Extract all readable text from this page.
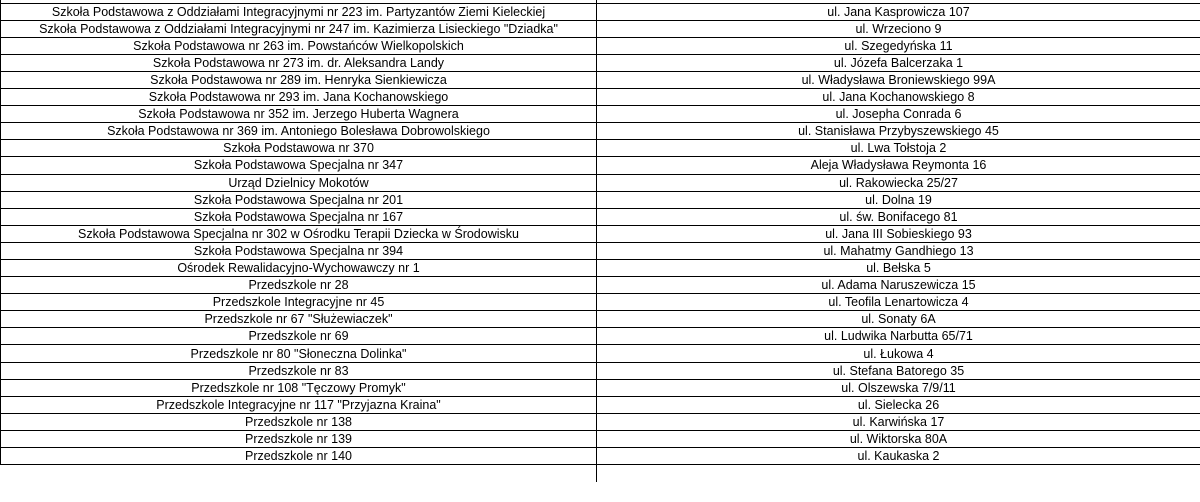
Szkoła Podstawowa z Oddziałami Integracyjnymi nr 223 im. Partyzantów Ziemi Kieleckiej	ul. Jana Kasprowicza 107
Szkoła Podstawowa z Oddziałami Integracyjnymi nr 247 im. Kazimierza Lisieckiego "Dziadka"	ul. Wrzeciono 9
Szkoła Podstawowa nr 263 im. Powstańców Wielkopolskich	ul. Szegedyńska 11
Szkoła Podstawowa nr 273 im. dr. Aleksandra Landy	ul. Józefa Balcerzaka 1
Szkoła Podstawowa nr 289 im. Henryka Sienkiewicza	ul. Władysława Broniewskiego 99A
Szkoła Podstawowa nr 293 im. Jana Kochanowskiego	ul. Jana Kochanowskiego 8
Szkoła Podstawowa nr 352 im. Jerzego Huberta Wagnera	ul. Josepha Conrada 6
Szkoła Podstawowa nr 369 im. Antoniego Bolesława Dobrowolskiego	ul. Stanisława Przybyszewskiego 45
Szkoła Podstawowa nr 370	ul. Lwa Tołstoja 2
Szkoła Podstawowa Specjalna nr 347	Aleja Władysława Reymonta 16
Urząd Dzielnicy Mokotów	ul. Rakowiecka 25/27
Szkoła Podstawowa Specjalna nr 201	ul. Dolna 19
Szkoła Podstawowa Specjalna nr 167	ul. św. Bonifacego 81
Szkoła Podstawowa Specjalna nr 302 w Ośrodku Terapii Dziecka w Środowisku	ul. Jana III Sobieskiego 93
Szkoła Podstawowa Specjalna nr 394	ul. Mahatmy Gandhiego 13
Ośrodek Rewalidacyjno-Wychowawczy nr 1	ul. Bełska 5
Przedszkole nr 28	ul. Adama Naruszewicza 15
Przedszkole Integracyjne nr 45	ul. Teofila Lenartowicza 4
Przedszkole nr 67 "Służewiaczek"	ul. Sonaty 6A
Przedszkole nr 69	ul. Ludwika Narbutta 65/71
Przedszkole nr 80 "Słoneczna Dolinka"	ul. Łukowa 4
Przedszkole nr 83	ul. Stefana Batorego 35
Przedszkole nr 108 "Tęczowy Promyk"	ul. Olszewska 7/9/11
Przedszkole Integracyjne nr 117 "Przyjazna Kraina"	ul. Sielecka 26
Przedszkole nr 138	ul. Karwińska 17
Przedszkole nr 139	ul. Wiktorska 80A
Przedszkole nr 140	ul. Kaukaska 2
